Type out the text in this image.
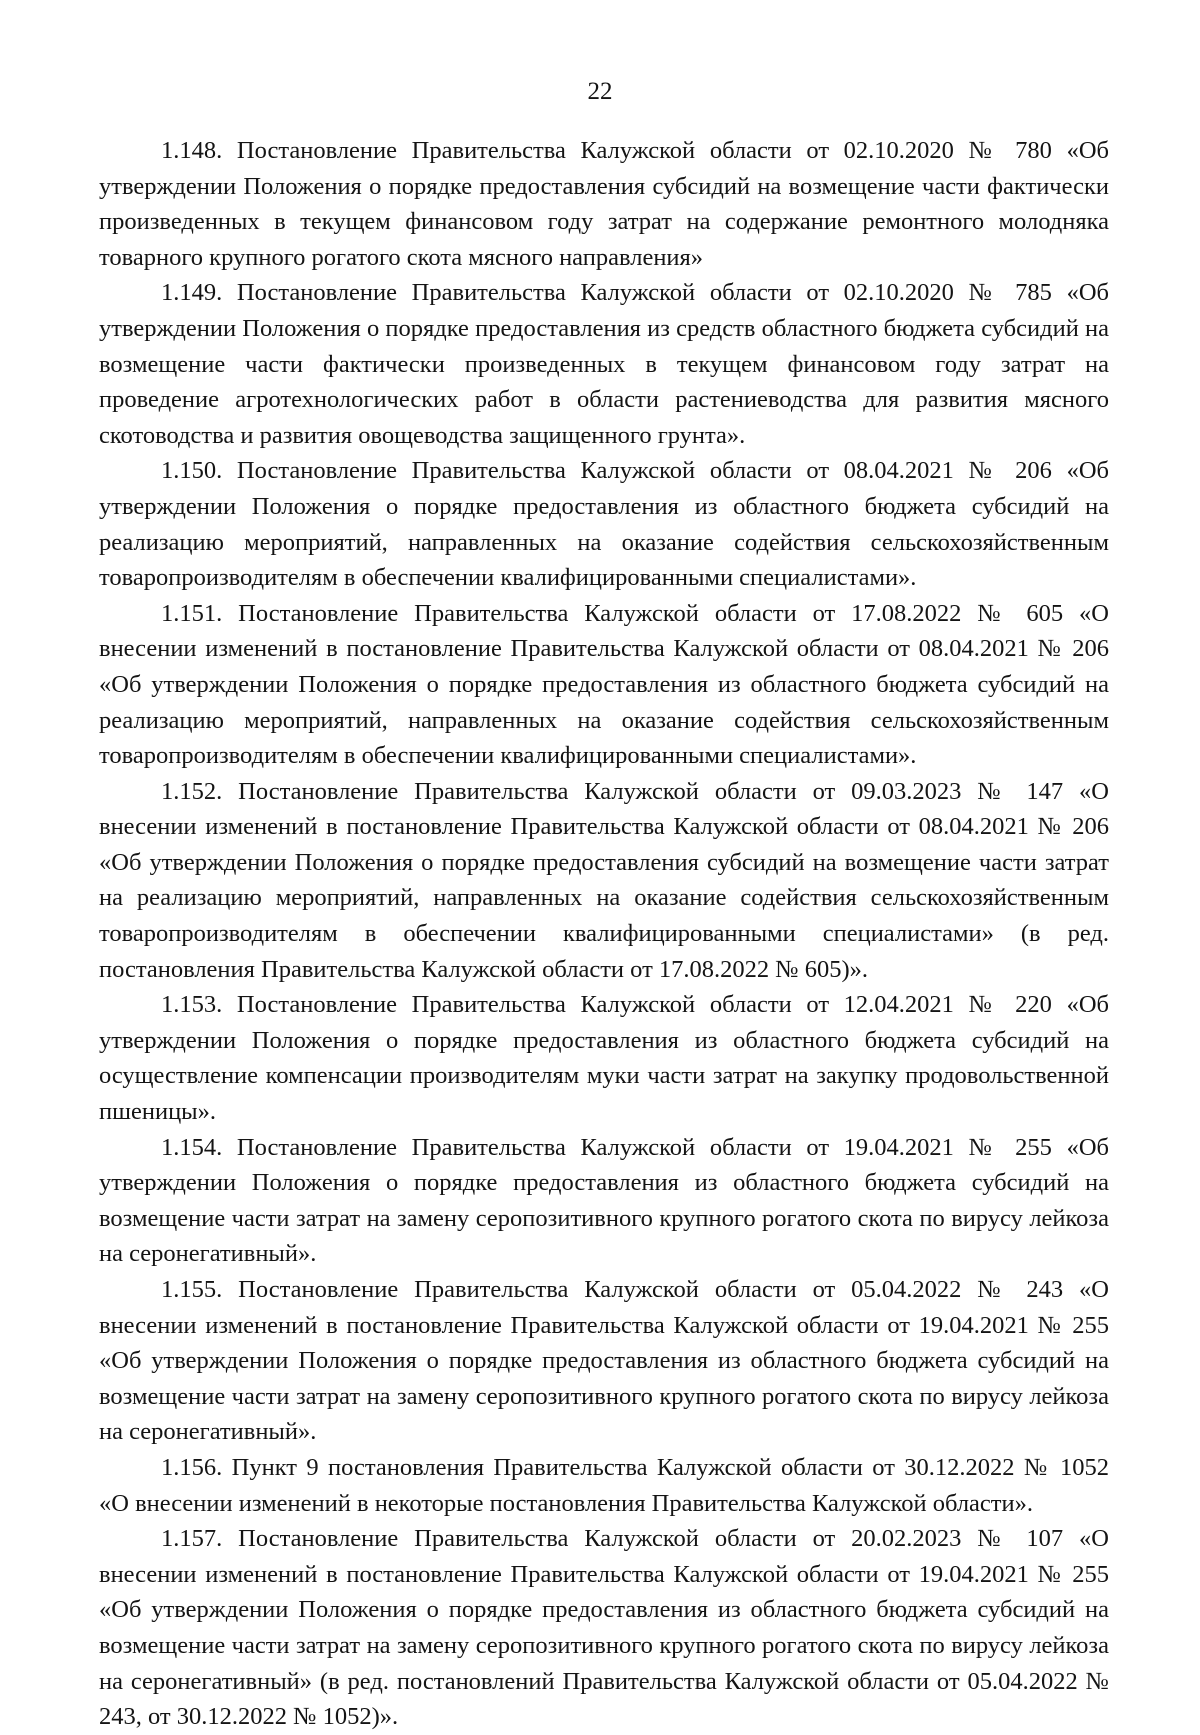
22

1.148. Постановление Правительства Калужской области от 02.10.2020 № 780 «Об утверждении Положения о порядке предоставления субсидий на возмещение части фактически произведенных в текущем финансовом году затрат на содержание ремонтного молодняка товарного крупного рогатого скота мясного направления»

1.149. Постановление Правительства Калужской области от 02.10.2020 № 785 «Об утверждении Положения о порядке предоставления из средств областного бюджета субсидий на возмещение части фактически произведенных в текущем финансовом году затрат на проведение агротехнологических работ в области растениеводства для развития мясного скотоводства и развития овощеводства защищенного грунта».

1.150. Постановление Правительства Калужской области от 08.04.2021 № 206 «Об утверждении Положения о порядке предоставления из областного бюджета субсидий на реализацию мероприятий, направленных на оказание содействия сельскохозяйственным товаропроизводителям в обеспечении квалифицированными специалистами».

1.151. Постановление Правительства Калужской области от 17.08.2022 № 605 «О внесении изменений в постановление Правительства Калужской области от 08.04.2021 № 206 «Об утверждении Положения о порядке предоставления из областного бюджета субсидий на реализацию мероприятий, направленных на оказание содействия сельскохозяйственным товаропроизводителям в обеспечении квалифицированными специалистами».

1.152. Постановление Правительства Калужской области от 09.03.2023 № 147 «О внесении изменений в постановление Правительства Калужской области от 08.04.2021 № 206 «Об утверждении Положения о порядке предоставления субсидий на возмещение части затрат на реализацию мероприятий, направленных на оказание содействия сельскохозяйственным товаропроизводителям в обеспечении квалифицированными специалистами» (в ред. постановления Правительства Калужской области от 17.08.2022 № 605)».

1.153. Постановление Правительства Калужской области от 12.04.2021 № 220 «Об утверждении Положения о порядке предоставления из областного бюджета субсидий на осуществление компенсации производителям муки части затрат на закупку продовольственной пшеницы».

1.154. Постановление Правительства Калужской области от 19.04.2021 № 255 «Об утверждении Положения о порядке предоставления из областного бюджета субсидий на возмещение части затрат на замену серопозитивного крупного рогатого скота по вирусу лейкоза на серонегативный».

1.155. Постановление Правительства Калужской области от 05.04.2022 № 243 «О внесении изменений в постановление Правительства Калужской области от 19.04.2021 № 255 «Об утверждении Положения о порядке предоставления из областного бюджета субсидий на возмещение части затрат на замену серопозитивного крупного рогатого скота по вирусу лейкоза на серонегативный».

1.156. Пункт 9 постановления Правительства Калужской области от 30.12.2022 № 1052 «О внесении изменений в некоторые постановления Правительства Калужской области».

1.157. Постановление Правительства Калужской области от 20.02.2023 № 107 «О внесении изменений в постановление Правительства Калужской области от 19.04.2021 № 255 «Об утверждении Положения о порядке предоставления из областного бюджета субсидий на возмещение части затрат на замену серопозитивного крупного рогатого скота по вирусу лейкоза на серонегативный» (в ред. постановлений Правительства Калужской области от 05.04.2022 № 243, от 30.12.2022 № 1052)».
